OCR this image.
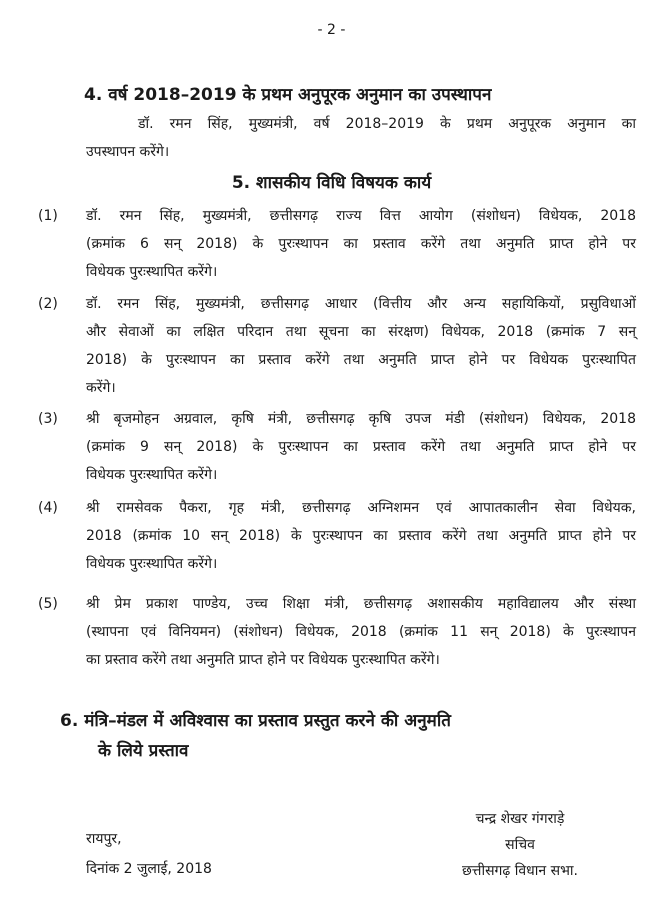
- 2 -
4. वर्ष 2018–2019 के प्रथम अनुपूरक अनुमान का उपस्थापन
डॉ. रमन सिंह, मुख्यमंत्री, वर्ष 2018–2019 के प्रथम अनुपूरक अनुमान का
उपस्थापन करेंगे।
5. शासकीय विधि विषयक कार्य
(1) डॉ. रमन सिंह, मुख्यमंत्री, छत्तीसगढ़ राज्य वित्त आयोग (संशोधन) विधेयक, 2018
(क्रमांक 6 सन् 2018) के पुरःस्थापन का प्रस्ताव करेंगे तथा अनुमति प्राप्त होने पर
विधेयक पुरःस्थापित करेंगे।
(2) डॉ. रमन सिंह, मुख्यमंत्री, छत्तीसगढ़ आधार (वित्तीय और अन्य सहायिकियों, प्रसुविधाओं
और सेवाओं का लक्षित परिदान तथा सूचना का संरक्षण) विधेयक, 2018 (क्रमांक 7 सन्
2018) के पुरःस्थापन का प्रस्ताव करेंगे तथा अनुमति प्राप्त होने पर विधेयक पुरःस्थापित
करेंगे।
(3) श्री बृजमोहन अग्रवाल, कृषि मंत्री, छत्तीसगढ़ कृषि उपज मंडी (संशोधन) विधेयक, 2018
(क्रमांक 9 सन् 2018) के पुरःस्थापन का प्रस्ताव करेंगे तथा अनुमति प्राप्त होने पर
विधेयक पुरःस्थापित करेंगे।
(4) श्री रामसेवक पैकरा, गृह मंत्री, छत्तीसगढ़ अग्निशमन एवं आपातकालीन सेवा विधेयक,
2018 (क्रमांक 10 सन् 2018) के पुरःस्थापन का प्रस्ताव करेंगे तथा अनुमति प्राप्त होने पर
विधेयक पुरःस्थापित करेंगे।
(5) श्री प्रेम प्रकाश पाण्डेय, उच्च शिक्षा मंत्री, छत्तीसगढ़ अशासकीय महाविद्यालय और संस्था
(स्थापना एवं विनियमन) (संशोधन) विधेयक, 2018 (क्रमांक 11 सन् 2018) के पुरःस्थापन
का प्रस्ताव करेंगे तथा अनुमति प्राप्त होने पर विधेयक पुरःस्थापित करेंगे।
6. मंत्रि–मंडल में अविश्वास का प्रस्ताव प्रस्तुत करने की अनुमति
के लिये प्रस्ताव
चन्द्र शेखर गंगराड़े
सचिव
छत्तीसगढ़ विधान सभा.
रायपुर,
दिनांक 2 जुलाई, 2018
